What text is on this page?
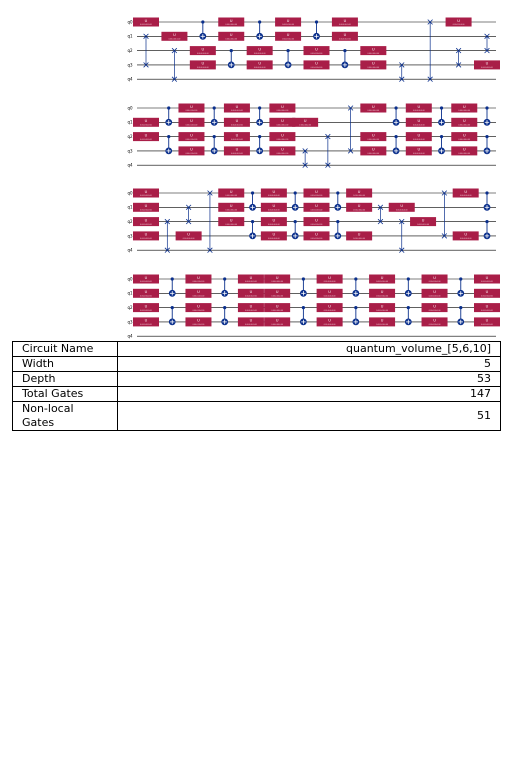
q0
q1
q2
q3
q4
U
0.00,0.00,0.00
U
0.00,0.00,0.00
U
0.00,0.00,0.00
U
0.00,0.00,0.00
U
0.00,0.00,0.00
U
0.00,0.00,0.00
U
0.00,0.00,0.00
U
0.00,0.00,0.00
U
0.00,0.00,0.00
U
0.00,0.00,0.00
U
0.00,0.00,0.00
U
0.00,0.00,0.00
U
0.00,0.00,0.00
U
0.00,0.00,0.00
U
0.00,0.00,0.00
U
0.00,0.00,0.00
U
0.00,0.00,0.00
U
0.00,0.00,0.00
q0
q1
q2
q3
q4
U
0.00,0.00,0.00
U
0.00,0.00,0.00
U
0.00,0.00,0.00
U
0.00,0.00,0.00
U
0.00,0.00,0.00
U
0.00,0.00,0.00
U
0.00,0.00,0.00
U
0.00,0.00,0.00
U
0.00,0.00,0.00
U
0.00,0.00,0.00
U
0.00,0.00,0.00
U
0.00,0.00,0.00
U
0.00,0.00,0.00
U
0.00,0.00,0.00
U
0.00,0.00,0.00
U
0.00,0.00,0.00
U
0.00,0.00,0.00
U
0.00,0.00,0.00
U
0.00,0.00,0.00
U
0.00,0.00,0.00
U
0.00,0.00,0.00
U
0.00,0.00,0.00
U
0.00,0.00,0.00
U
0.00,0.00,0.00
U
0.00,0.00,0.00
U
0.00,0.00,0.00
q0
q1
q2
q3
q4
U
0.00,0.00,0.00
U
0.00,0.00,0.00
U
0.00,0.00,0.00
U
0.00,0.00,0.00
U
0.00,0.00,0.00
U
0.00,0.00,0.00
U
0.00,0.00,0.00
U
0.00,0.00,0.00
U
0.00,0.00,0.00
U
0.00,0.00,0.00
U
0.00,0.00,0.00
U
0.00,0.00,0.00
U
0.00,0.00,0.00
U
0.00,0.00,0.00
U
0.00,0.00,0.00
U
0.00,0.00,0.00
U
0.00,0.00,0.00
U
0.00,0.00,0.00
U
0.00,0.00,0.00
U
0.00,0.00,0.00
U
0.00,0.00,0.00
U
0.00,0.00,0.00
U
0.00,0.00,0.00
q0
q1
q2
q3
q4
U
0.00,0.00,0.00
U
0.00,0.00,0.00
U
0.00,0.00,0.00
U
0.00,0.00,0.00
U
0.00,0.00,0.00
U
0.00,0.00,0.00
U
0.00,0.00,0.00
U
0.00,0.00,0.00
U
0.00,0.00,0.00
U
0.00,0.00,0.00
U
0.00,0.00,0.00
U
0.00,0.00,0.00
U
0.00,0.00,0.00
U
0.00,0.00,0.00
U
0.00,0.00,0.00
U
0.00,0.00,0.00
U
0.00,0.00,0.00
U
0.00,0.00,0.00
U
0.00,0.00,0.00
U
0.00,0.00,0.00
U
0.00,0.00,0.00
U
0.00,0.00,0.00
U
0.00,0.00,0.00
U
0.00,0.00,0.00
U
0.00,0.00,0.00
U
0.00,0.00,0.00
U
0.00,0.00,0.00
U
0.00,0.00,0.00
U
0.00,0.00,0.00
U
0.00,0.00,0.00
U
0.00,0.00,0.00
U
0.00,0.00,0.00
Circuit Name	quantum_volume_[5,6,10]
Width	5
Depth	53
Total Gates	147
Non-local Gates	51
